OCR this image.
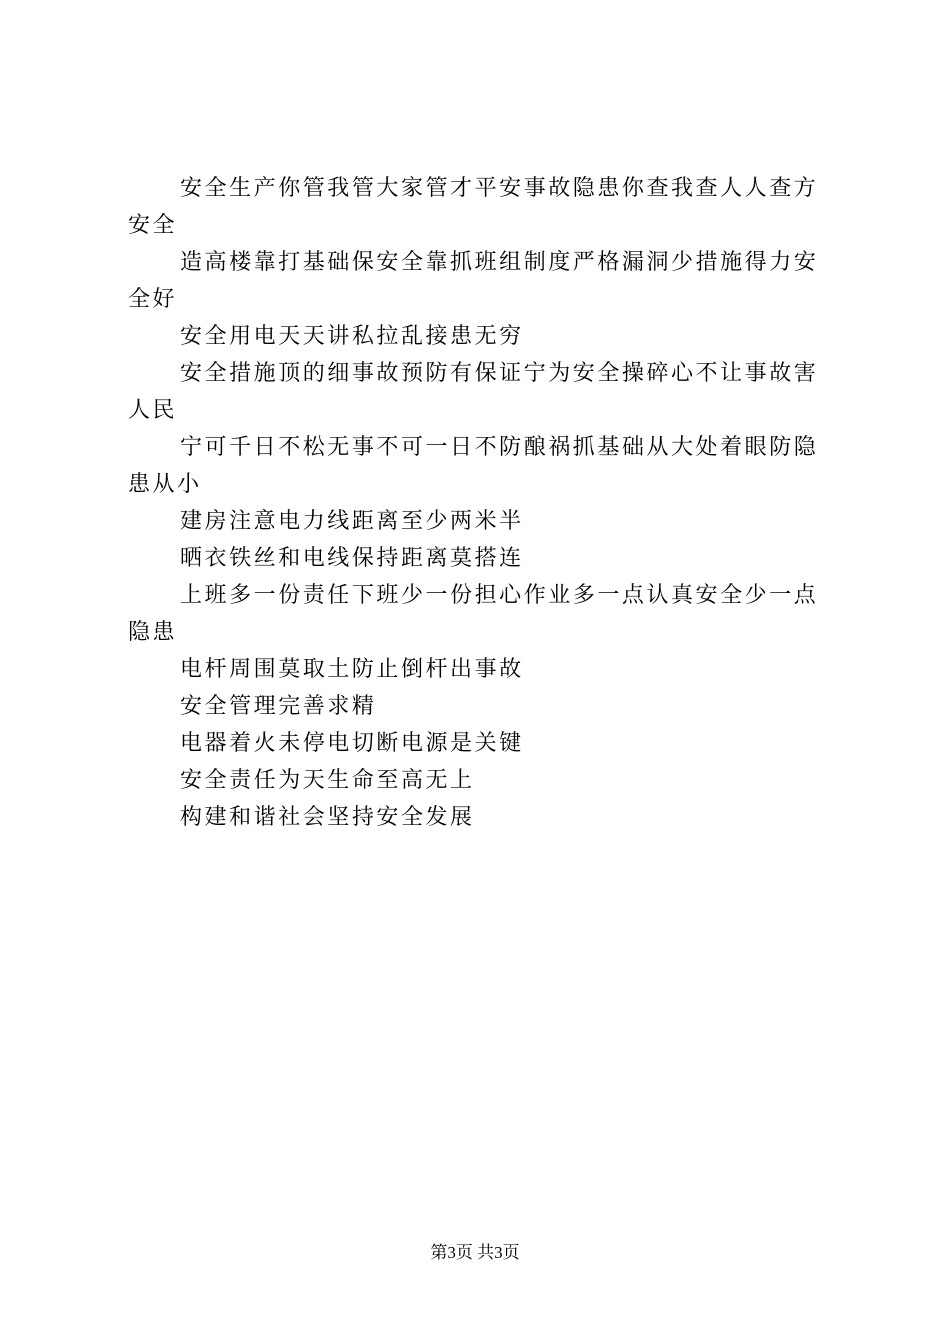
安全生产你管我管大家管才平安事故隐患你查我查人人查方安全

造高楼靠打基础保安全靠抓班组制度严格漏洞少措施得力安全好

安全用电天天讲私拉乱接患无穷

安全措施顶的细事故预防有保证宁为安全操碎心不让事故害人民

宁可千日不松无事不可一日不防酿祸抓基础从大处着眼防隐患从小

建房注意电力线距离至少两米半

晒衣铁丝和电线保持距离莫搭连

上班多一份责任下班少一份担心作业多一点认真安全少一点隐患

电杆周围莫取土防止倒杆出事故

安全管理完善求精

电器着火未停电切断电源是关键

安全责任为天生命至高无上

构建和谐社会坚持安全发展

第3页 共3页
